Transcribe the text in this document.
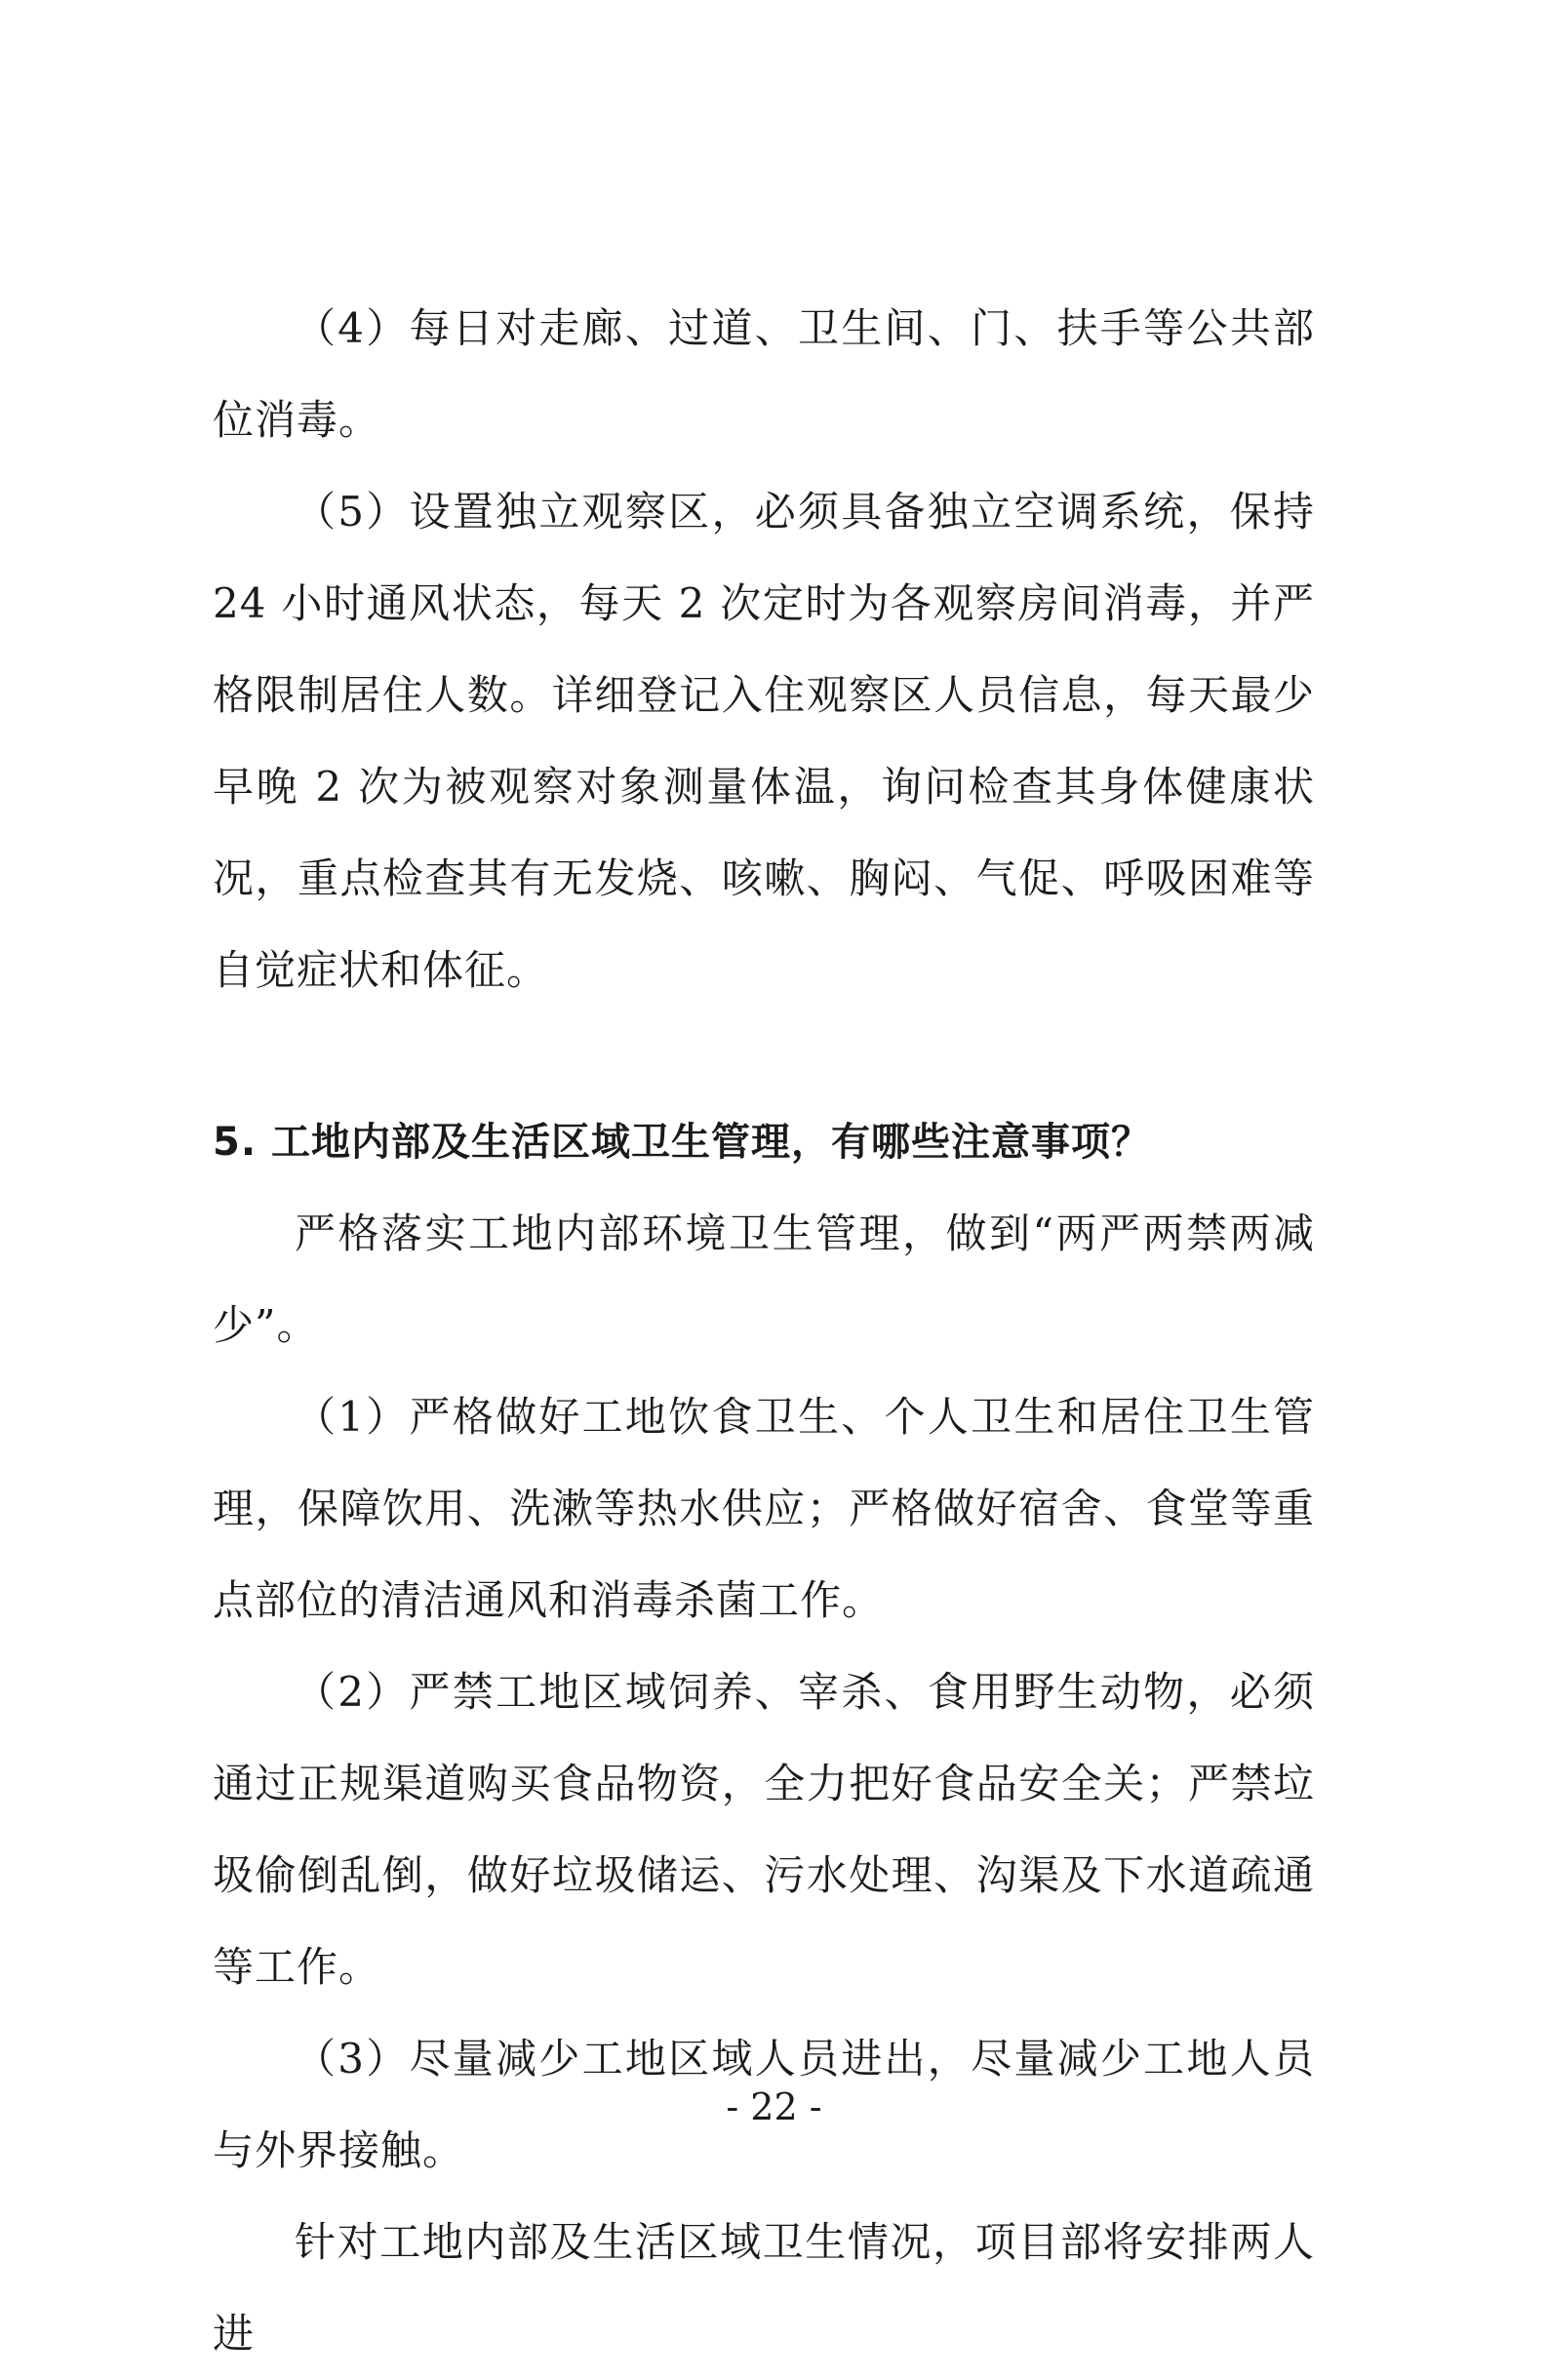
（4）每日对走廊、过道、卫生间、门、扶手等公共部位消毒。

（5）设置独立观察区，必须具备独立空调系统，保持 24 小时通风状态，每天 2 次定时为各观察房间消毒，并严格限制居住人数。详细登记入住观察区人员信息，每天最少早晚 2 次为被观察对象测量体温，询问检查其身体健康状况，重点检查其有无发烧、咳嗽、胸闷、气促、呼吸困难等自觉症状和体征。

5. 工地内部及生活区域卫生管理，有哪些注意事项？

严格落实工地内部环境卫生管理，做到“两严两禁两减少”。

（1）严格做好工地饮食卫生、个人卫生和居住卫生管理，保障饮用、洗漱等热水供应；严格做好宿舍、食堂等重点部位的清洁通风和消毒杀菌工作。

（2）严禁工地区域饲养、宰杀、食用野生动物，必须通过正规渠道购买食品物资，全力把好食品安全关；严禁垃圾偷倒乱倒，做好垃圾储运、污水处理、沟渠及下水道疏通等工作。

（3）尽量减少工地区域人员进出，尽量减少工地人员与外界接触。

针对工地内部及生活区域卫生情况，项目部将安排两人进

- 22 -
